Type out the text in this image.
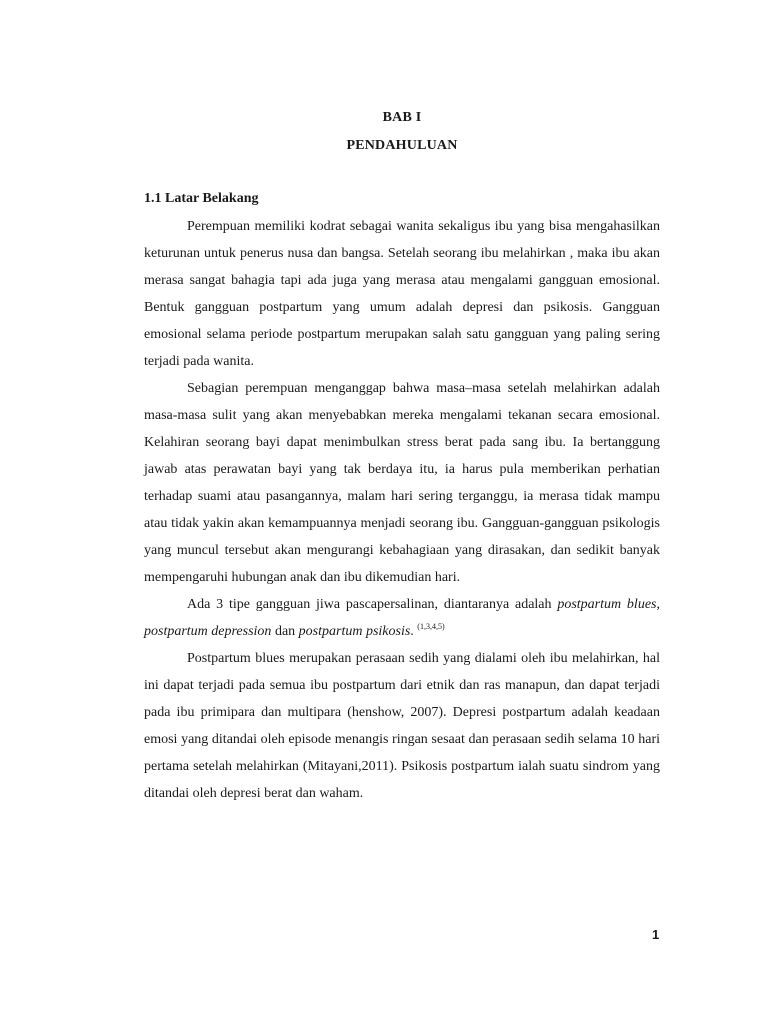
BAB I
PENDAHULUAN
1.1 Latar Belakang

Perempuan memiliki kodrat sebagai wanita sekaligus ibu yang bisa mengahasilkan keturunan untuk penerus nusa dan bangsa. Setelah seorang ibu melahirkan , maka ibu akan merasa sangat bahagia tapi ada juga yang merasa atau mengalami gangguan emosional. Bentuk gangguan postpartum yang umum adalah depresi dan psikosis. Gangguan emosional selama periode postpartum merupakan salah satu gangguan yang paling sering terjadi pada wanita.

Sebagian perempuan menganggap bahwa masa–masa setelah melahirkan adalah masa-masa sulit yang akan menyebabkan mereka mengalami tekanan secara emosional. Kelahiran seorang bayi dapat menimbulkan stress berat pada sang ibu. Ia bertanggung jawab atas perawatan bayi yang tak berdaya itu, ia harus pula memberikan perhatian terhadap suami atau pasangannya, malam hari sering terganggu, ia merasa tidak mampu atau tidak yakin akan kemampuannya menjadi seorang ibu. Gangguan-gangguan psikologis yang muncul tersebut akan mengurangi kebahagiaan yang dirasakan, dan sedikit banyak mempengaruhi hubungan anak dan ibu dikemudian hari.

Ada 3 tipe gangguan jiwa pascapersalinan, diantaranya adalah postpartum blues, postpartum depression dan postpartum psikosis. $^{(1,3,4,5)}$

Postpartum blues merupakan perasaan sedih yang dialami oleh ibu melahirkan, hal ini dapat terjadi pada semua ibu postpartum dari etnik dan ras manapun, dan dapat terjadi pada ibu primipara dan multipara (henshow, 2007). Depresi postpartum adalah keadaan emosi yang ditandai oleh episode menangis ringan sesaat dan perasaan sedih selama 10 hari pertama setelah melahirkan (Mitayani,2011). Psikosis postpartum ialah suatu sindrom yang ditandai oleh depresi berat dan waham.

1
